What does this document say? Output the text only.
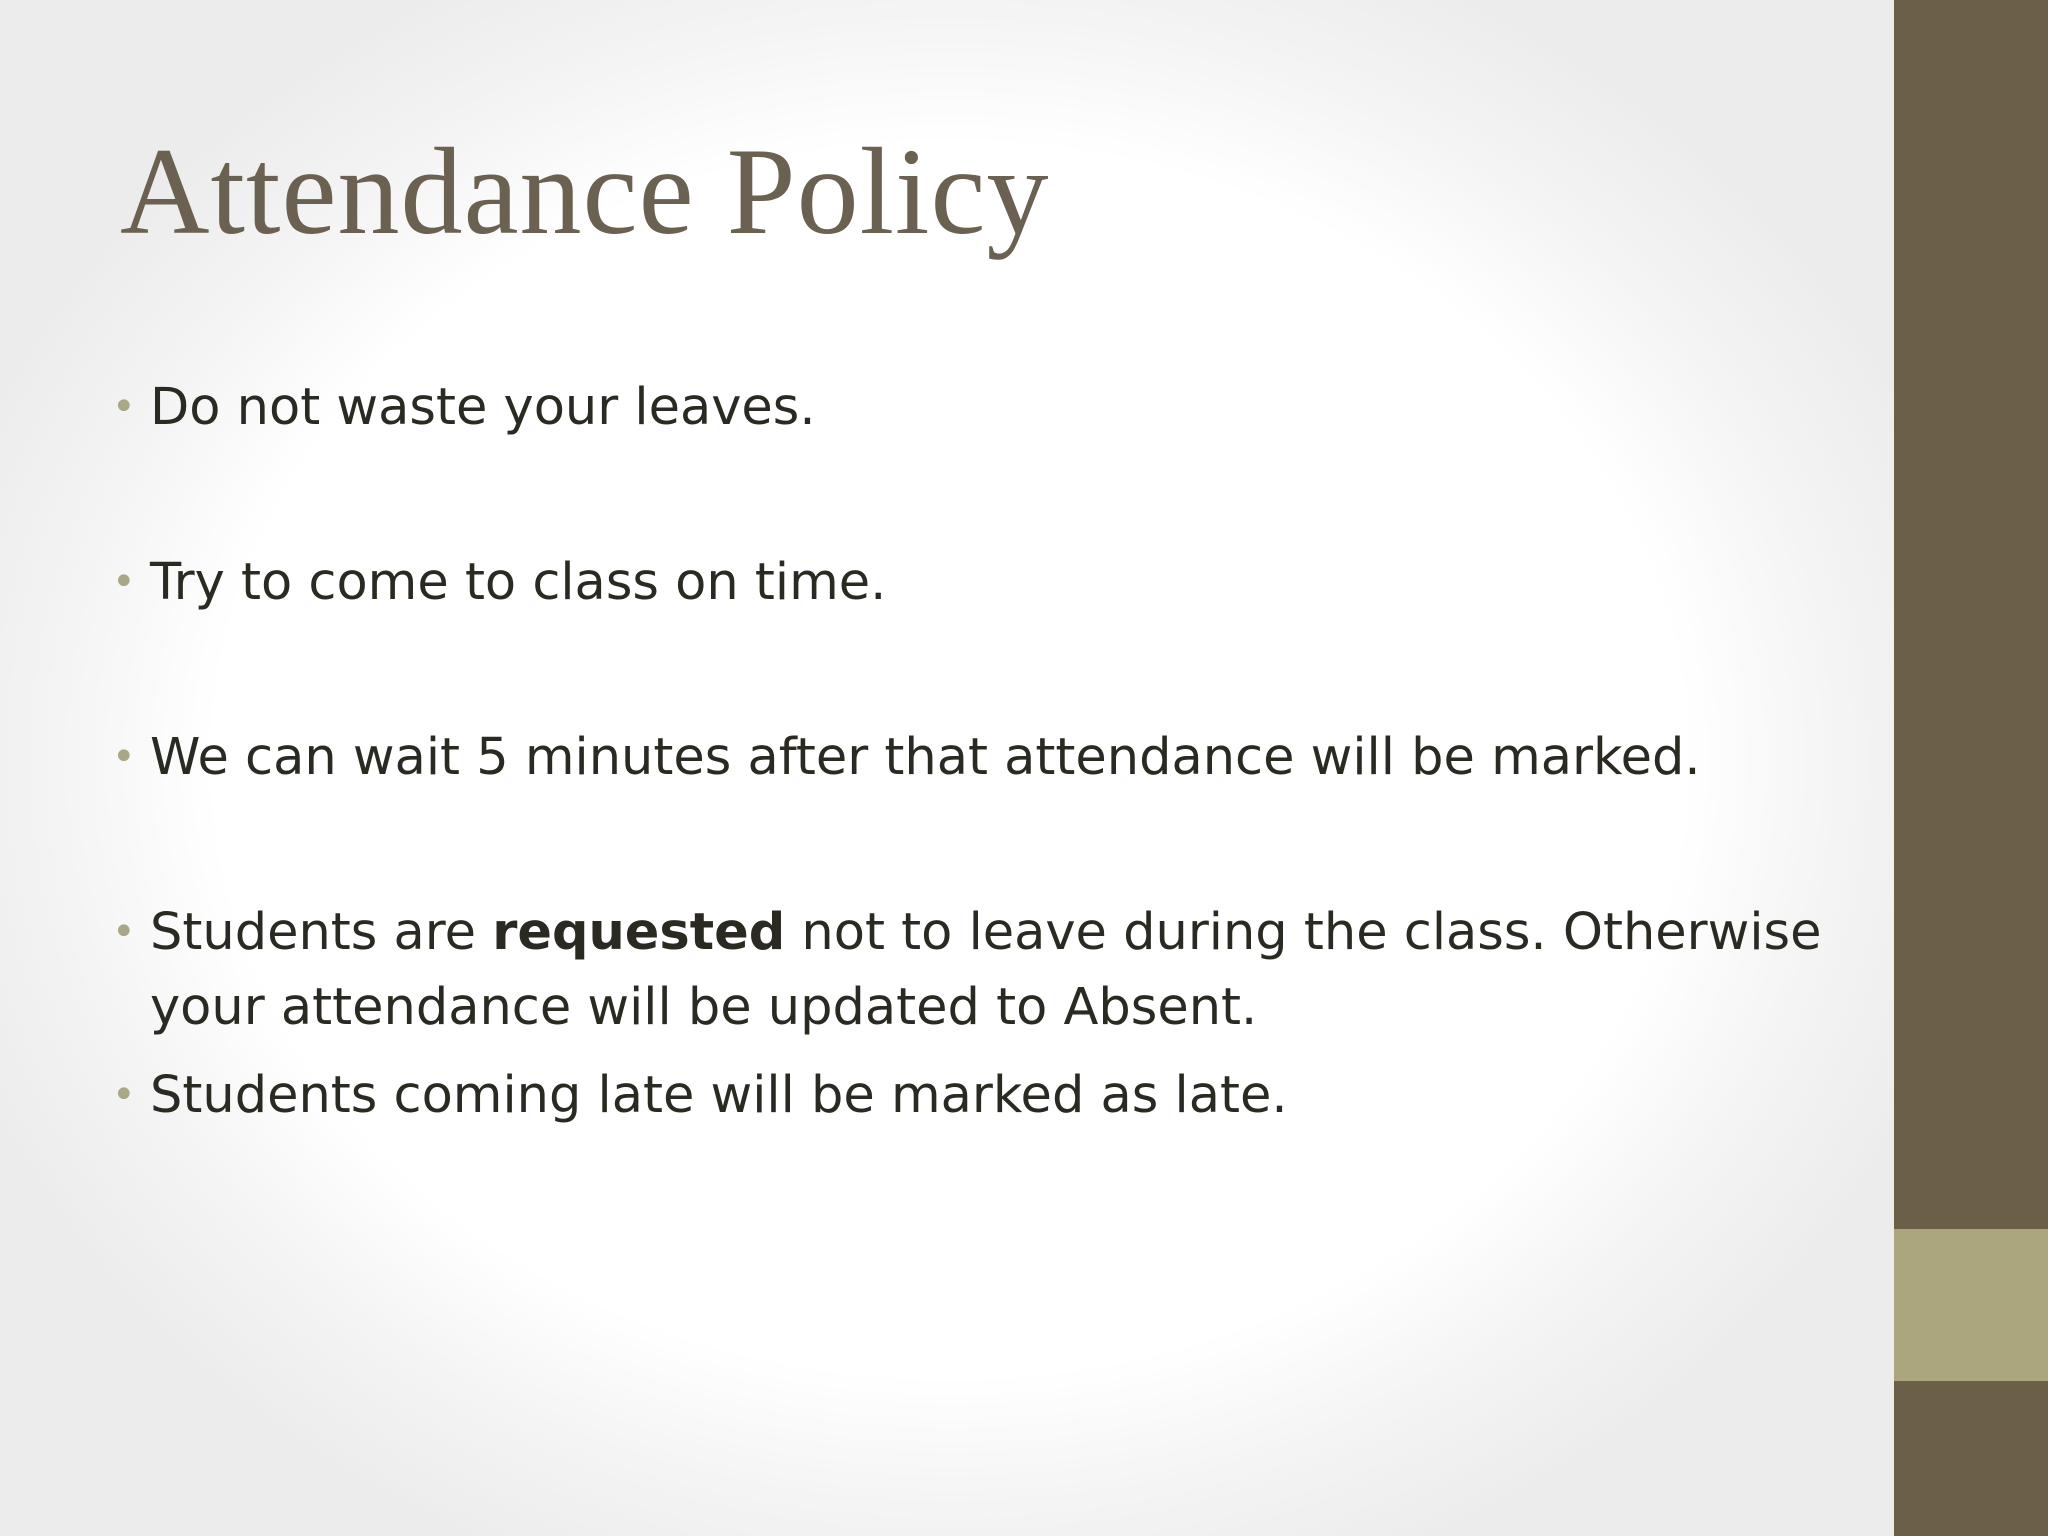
Attendance Policy
• Do not waste your leaves.
• Try to come to class on time.
• We can wait 5 minutes after that attendance will be marked.
• Students are requested not to leave during the class. Otherwise your attendance will be updated to Absent.
• Students coming late will be marked as late.
